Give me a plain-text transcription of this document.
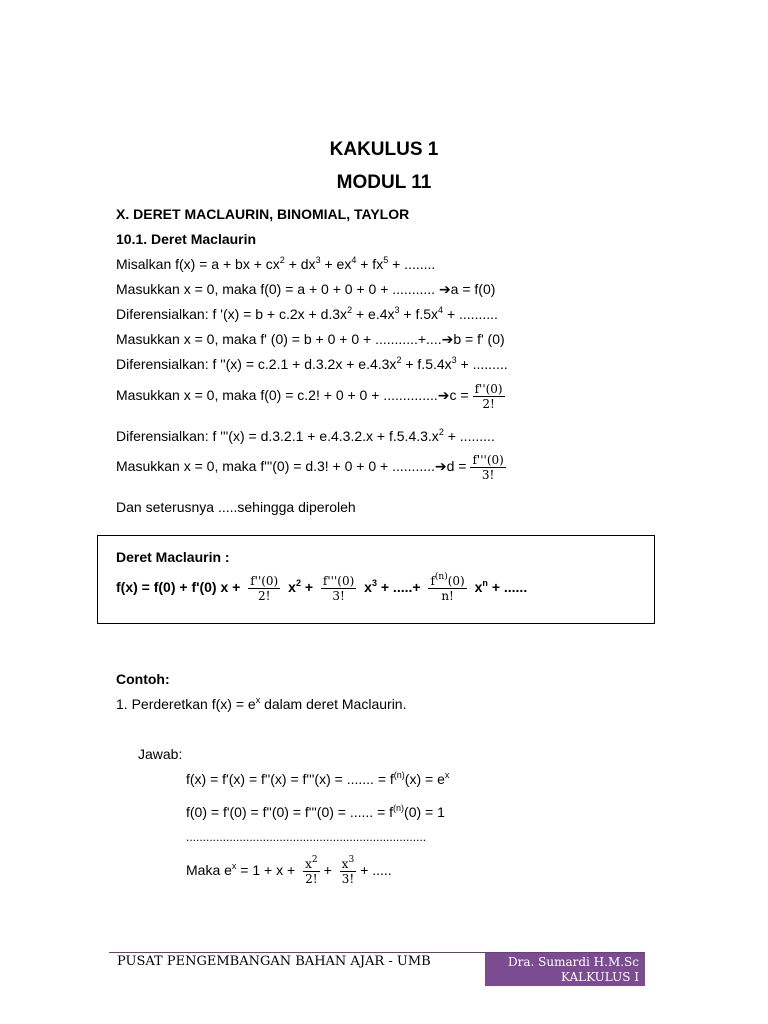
KAKULUS 1
MODUL 11
X. DERET MACLAURIN, BINOMIAL, TAYLOR
10.1. Deret Maclaurin
Misalkan f(x) = a + bx + $cx^2 + dx^3 + ex^4 + fx^5$ + ........
Masukkan x = 0, maka f(0) = a + 0 + 0 + 0 + ........... ➔a = f(0)
Diferensialkan: f '$(x) = b + c.2x + d.3x^2 + e.4x^3 + f.5x^4$ + ..........
Masukkan x = 0, maka f' (0) = b + 0 + 0 + ...........+....➔b = f' (0)
Diferensialkan: f ''$(x) = c.2.1 + d.3.2x + e.4.3x^2 + f.5.4x^3$ + .........
Masukkan x = 0, maka f(0) = c.2! + 0 + 0 + ..............➔c = $\frac{f''(0)}{2!}$
Diferensialkan: f '''$(x) = d.3.2.1 + e.4.3.2.x + f.5.4.3.x^2$ + .........
Masukkan x = 0, maka f'''(0) = d.3! + 0 + 0 + ...........➔d = $\frac{f'''(0)}{3!}$
Dan seterusnya .....sehingga diperoleh
Deret Maclaurin :
f(x) = f(0) + f'(0) $x + \frac{f''(0)}{2!} x^2 + \frac{f'''(0)}{3!} x^3$ + .....+ $\frac{f^{(n)}(0)}{n!} x^n$ + ......
Contoh:
1. Perderetkan $f(x) = e^x$ dalam deret Maclaurin.
Jawab:
f(x) = f'(x) = f''(x) = f'''(x) = ....... = $f^{(n)}(x) = e^x$
f(0) = f'(0) = f''(0) = f'''(0) = ...... = $f^{(n)}(0) = 1$
........................................................................
Maka $e^x = 1 + x + \frac{x^2}{2!} + \frac{x^3}{3!}$ + .....
PUSAT PENGEMBANGAN BAHAN AJAR - UMB	Dra. Sumardi H.M.Sc
KALKULUS I
